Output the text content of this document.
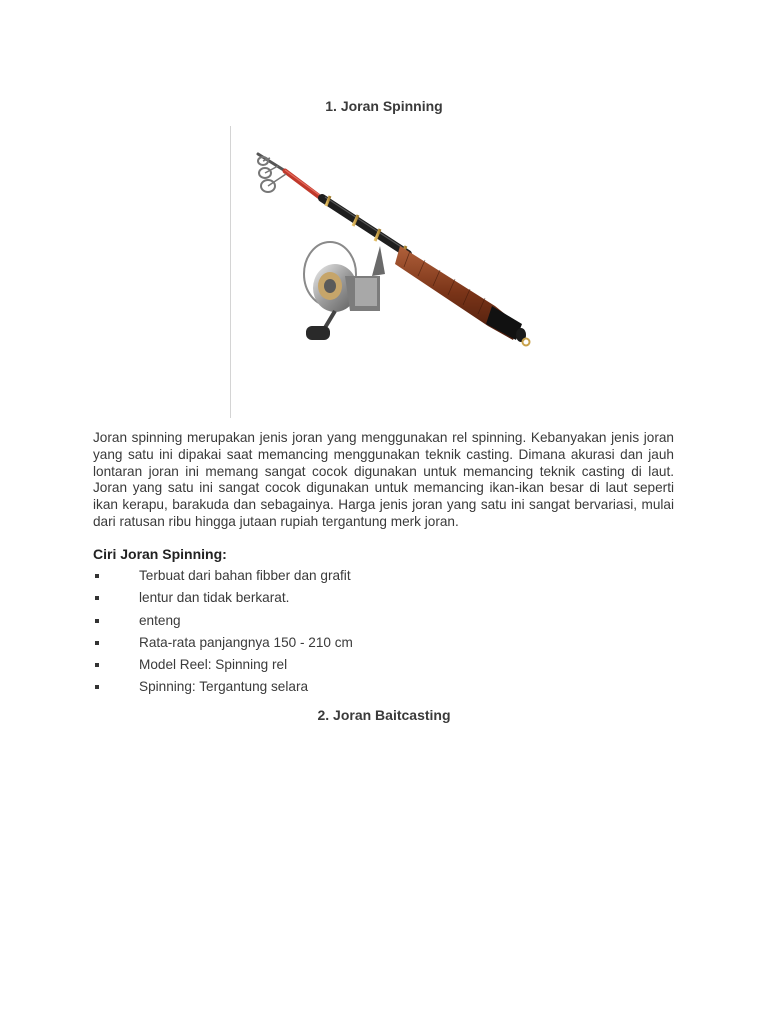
1. Joran Spinning

Joran spinning merupakan jenis joran yang menggunakan rel spinning. Kebanyakan jenis joran yang satu ini dipakai saat memancing menggunakan teknik casting. Dimana akurasi dan jauh lontaran joran ini memang sangat cocok digunakan untuk memancing teknik casting di laut. Joran yang satu ini sangat cocok digunakan untuk memancing ikan-ikan besar di laut seperti ikan kerapu, barakuda dan sebagainya. Harga jenis joran yang satu ini sangat bervariasi, mulai dari ratusan ribu hingga jutaan rupiah tergantung merk joran.

Ciri Joran Spinning:
Terbuat dari bahan fibber dan grafit
lentur dan tidak berkarat.
enteng
Rata-rata panjangnya 150 - 210 cm
Model Reel: Spinning rel
Spinning: Tergantung selara
2. Joran Baitcasting
